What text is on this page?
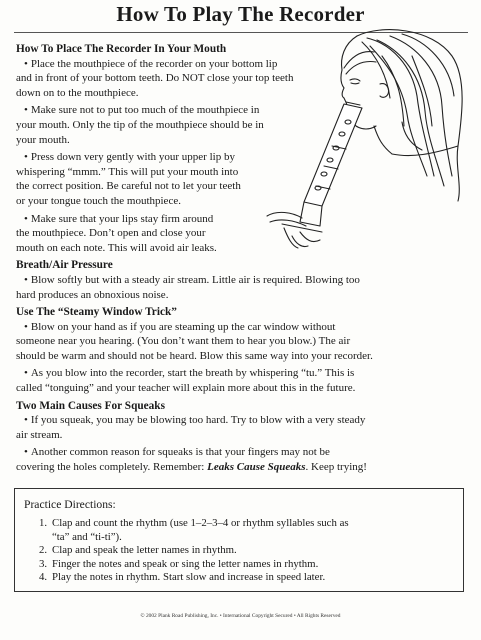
How To Play The Recorder
How To Place The Recorder In Your Mouth

• Place the mouthpiece of the recorder on your bottom lip
and in front of your bottom teeth. Do NOT close your top teeth
down on to the mouthpiece.

• Make sure not to put too much of the mouthpiece in
your mouth. Only the tip of the mouthpiece should be in
your mouth.

• Press down very gently with your upper lip by
whispering “mmm.” This will put your mouth into
the correct position. Be careful not to let your teeth
or your tongue touch the mouthpiece.

• Make sure that your lips stay firm around
the mouthpiece. Don’t open and close your
mouth on each note. This will avoid air leaks.

Breath/Air Pressure

• Blow softly but with a steady air stream. Little air is required. Blowing too
hard produces an obnoxious noise.

Use The “Steamy Window Trick”

• Blow on your hand as if you are steaming up the car window without
someone near you hearing. (You don’t want them to hear you blow.) The air
should be warm and should not be heard. Blow this same way into your recorder.

• As you blow into the recorder, start the breath by whispering “tu.” This is
called “tonguing” and your teacher will explain more about this in the future.

Two Main Causes For Squeaks

• If you squeak, you may be blowing too hard. Try to blow with a very steady
air stream.

• Another common reason for squeaks is that your fingers may not be
covering the holes completely. Remember: Leaks Cause Squeaks. Keep trying!

Practice Directions:
1. Clap and count the rhythm (use 1–2–3–4 or rhythm syllables such as
“ta” and “ti-ti”).
2. Clap and speak the letter names in rhythm.
3. Finger the notes and speak or sing the letter names in rhythm.
4. Play the notes in rhythm. Start slow and increase in speed later.
© 2002 Plank Road Publishing, Inc. • International Copyright Secured • All Rights Reserved
